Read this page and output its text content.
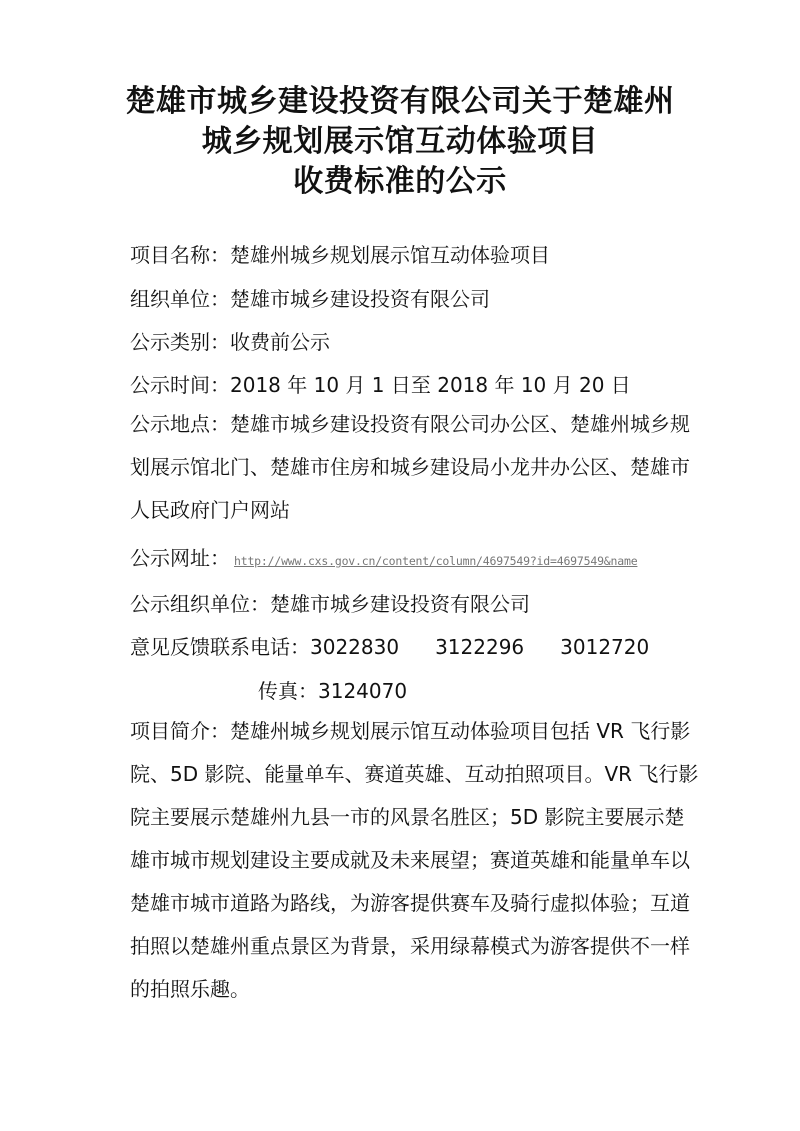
楚雄市城乡建设投资有限公司关于楚雄州
城乡规划展示馆互动体验项目
收费标准的公示
项目名称：楚雄州城乡规划展示馆互动体验项目
组织单位：楚雄市城乡建设投资有限公司
公示类别：收费前公示
公示时间：2018 年 10 月 1 日至 2018 年 10 月 20 日
公示地点：楚雄市城乡建设投资有限公司办公区、楚雄州城乡规划展示馆北门、楚雄市住房和城乡建设局小龙井办公区、楚雄市人民政府门户网站
公示网址： http://www.cxs.gov.cn/content/column/4697549?id=4697549&name
公示组织单位：楚雄市城乡建设投资有限公司
意见反馈联系电话：3022830 3122296 3012720
传真：3124070
项目简介：楚雄州城乡规划展示馆互动体验项目包括 VR 飞行影院、5D 影院、能量单车、赛道英雄、互动拍照项目。VR 飞行影院主要展示楚雄州九县一市的风景名胜区；5D 影院主要展示楚雄市城市规划建设主要成就及未来展望；赛道英雄和能量单车以楚雄市城市道路为路线，为游客提供赛车及骑行虚拟体验；互道拍照以楚雄州重点景区为背景，采用绿幕模式为游客提供不一样的拍照乐趣。
